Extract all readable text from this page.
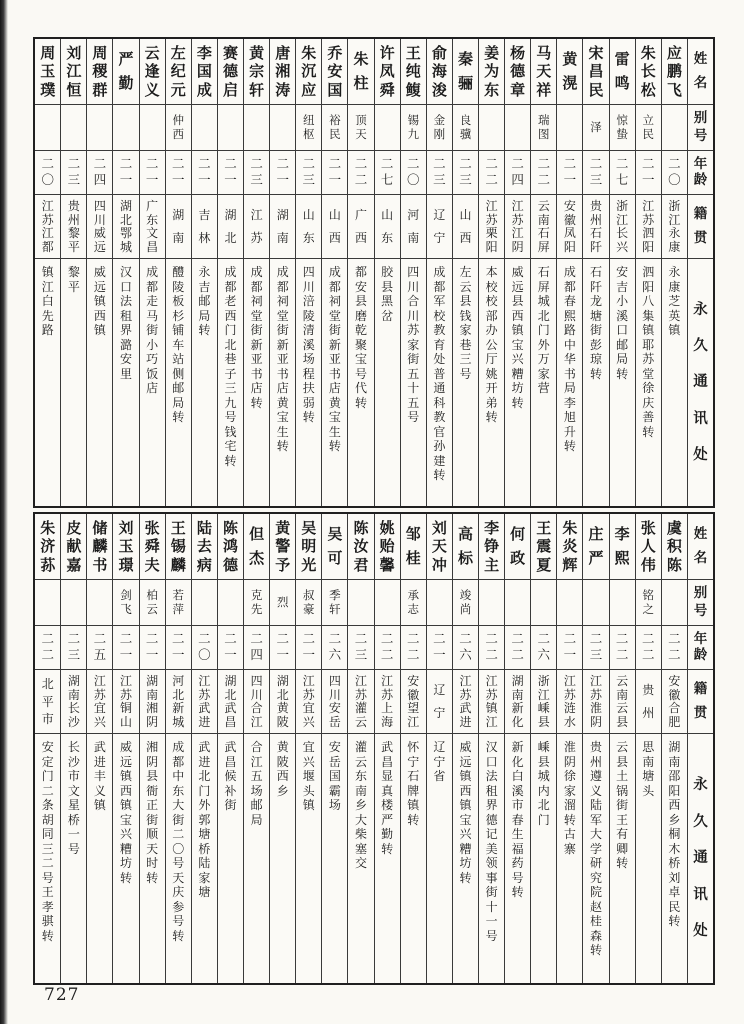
姓
名
别
号
年
龄
籍
贯
永
久
通
讯
处
应
鹏
飞
二
〇
浙
江
永
康
永
康
芝
英
镇
朱
长
松
立
民
二
一
江
苏
泗
阳
泗
阳
八
集
镇
耶
苏
堂
徐
庆
善
转
雷
鸣
惊
蛰
二
七
浙
江
长
兴
安
吉
小
溪
口
邮
局
转
宋
昌
民
泽
二
三
贵
州
石
阡
石
阡
龙
塘
街
彭
琼
转
黄
滉
二
一
安
徽
凤
阳
成
都
春
熙
路
中
华
书
局
李
旭
升
转
马
天
祥
瑞
图
二
二
云
南
石
屏
石
屏
城
北
门
外
万
家
营
杨
德
章
二
四
江
苏
江
阴
威
远
县
西
镇
宝
兴
糟
坊
转
姜
为
东
二
二
江
苏
栗
阳
本
校
校
部
办
公
厅
姚
开
弟
转
秦
骊
良
骥
二
三
山
西
左
云
县
钱
家
巷
三
号
俞
海
浚
金
刚
二
三
辽
宁
成
都
军
校
教
育
处
普
通
科
教
官
孙
建
转
王
纯
鳆
锡
九
二
〇
河
南
四
川
合
川
苏
家
街
五
十
五
号
许
凤
舜
二
七
山
东
胶
县
黑
岔
朱
柱
顶
天
二
二
广
西
都
安
县
磨
乾
聚
宝
号
代
转
乔
安
国
裕
民
二
一
山
西
成
都
祠
堂
街
新
亚
书
店
黄
宝
生
转
朱
沉
应
纽
枢
二
三
山
东
四
川
涪
陵
清
溪
场
程
扶
弱
转
唐
湘
涛
二
一
湖
南
成
都
祠
堂
街
新
亚
书
店
黄
宝
生
转
黄
宗
轩
二
三
江
苏
成
都
祠
堂
街
新
亚
书
店
转
赛
德
启
二
一
湖
北
成
都
老
西
门
北
巷
子
三
九
号
钱
宅
转
李
国
成
二
一
吉
林
永
吉
邮
局
转
左
纪
元
仲
西
二
一
湖
南
醴
陵
板
杉
铺
车
站
侧
邮
局
转
云
逢
义
二
一
广
东
文
昌
成
都
走
马
街
小
巧
饭
店
严
勤
二
一
湖
北
鄂
城
汉
口
法
租
界
潞
安
里
周
稷
群
二
四
四
川
威
远
威
远
镇
西
镇
刘
江
恒
二
三
贵
州
黎
平
黎
平
周
玉
璞
二
〇
江
苏
江
都
镇
江
白
先
路
姓
名
别
号
年
龄
籍
贯
永
久
通
讯
处
虞
积
陈
二
二
安
徽
合
肥
湖
南
邵
阳
西
乡
桐
木
桥
刘
卓
民
转
张
人
伟
铭
之
二
二
贵
州
思
南
塘
头
李
熙
二
二
云
南
云
县
云
县
土
锅
街
王
有
卿
转
庄
严
二
三
江
苏
淮
阴
贵
州
遵
义
陆
军
大
学
研
究
院
赵
桂
森
转
朱
炎
辉
二
一
江
苏
涟
水
淮
阴
徐
家
溜
转
古
寨
王
震
夏
二
六
浙
江
嵊
县
嵊
县
城
内
北
门
何
政
二
二
湖
南
新
化
新
化
白
溪
市
春
生
福
药
号
转
李
铮
主
二
二
江
苏
镇
江
汉
口
法
租
界
德
记
美
领
事
街
十
一
号
高
标
竣
尚
二
六
江
苏
武
进
威
远
镇
西
镇
宝
兴
糟
坊
转
刘
天
冲
二
一
辽
宁
辽
宁
省
邹
桂
承
志
二
二
安
徽
望
江
怀
宁
石
牌
镇
转
姚
贻
馨
二
二
江
苏
上
海
武
昌
显
真
楼
严
勤
转
陈
汝
君
二
三
江
苏
灌
云
灌
云
东
南
乡
大
柴
塞
交
吴
可
季
轩
二
六
四
川
安
岳
安
岳
国
霸
场
吴
明
光
叔
豪
二
一
江
苏
宜
兴
宜
兴
堰
头
镇
黄
警
予
烈
二
一
湖
北
黄
陂
黄
陂
西
乡
但
杰
克
先
二
四
四
川
合
江
合
江
五
场
邮
局
陈
鸿
德
二
一
湖
北
武
昌
武
昌
候
补
街
陆
去
病
二
〇
江
苏
武
进
武
进
北
门
外
郭
塘
桥
陆
家
塘
王
锡
麟
若
萍
二
一
河
北
新
城
成
都
中
东
大
街
二
〇
号
天
庆
参
号
转
张
舜
夫
柏
云
二
一
湖
南
湘
阴
湘
阴
县
衙
正
街
顺
天
时
转
刘
玉
璟
剑
飞
二
一
江
苏
铜
山
威
远
镇
西
镇
宝
兴
糟
坊
转
储
麟
书
二
五
江
苏
宜
兴
武
进
丰
义
镇
皮
献
嘉
二
三
湖
南
长
沙
长
沙
市
文
星
桥
一
号
朱
济
荪
二
二
北
平
市
安
定
门
二
条
胡
同
三
二
号
王
孝
骐
转
727
